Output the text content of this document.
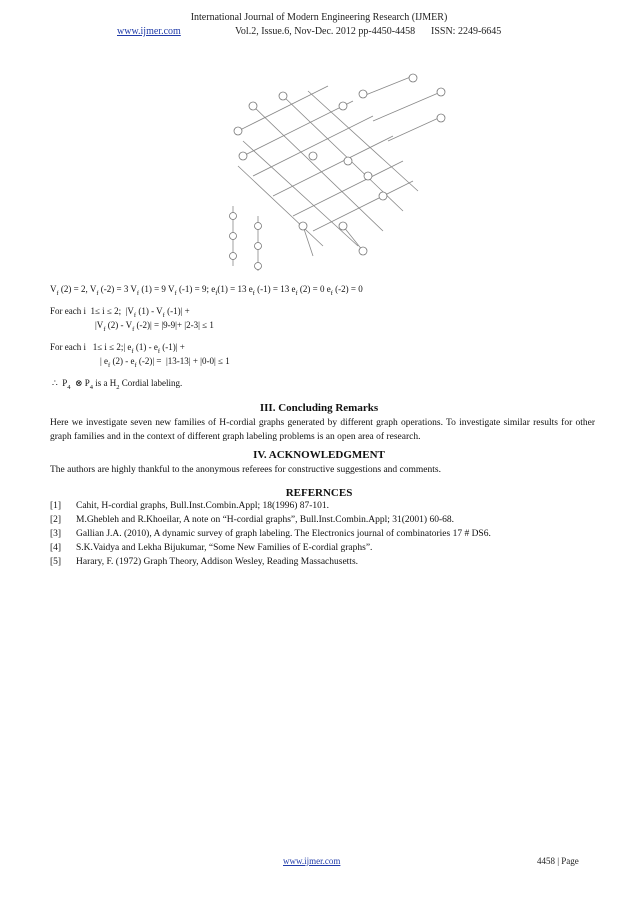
International Journal of Modern Engineering Research (IJMER)
www.ijmer.com	Vol.2, Issue.6, Nov-Dec. 2012 pp-4450-4458 ISSN: 2249-6645
$V_f$ (2) = 2, $V_f$ (-2) = 3 $V_f$ (1) = 9 $V_f$ (-1) = 9; $e_f(1) = 13$ $e_f$ (-1) = 13 $e_f$ (2) = 0 $e_f$ (-2) = 0
For each i  1≤ i ≤ 2;  $|V_f$ $(1) - V_f$ (-1)| +
$|V_f$ $(2) - V_f$ (-2)| = |9-9|+ |2-3| ≤ 1
For each i   1≤ i ≤ 2;| $e_f$ $(1) - e_f$ (-1)| +
| $e_f$ $(2) - e_f$ (-2)| =  |13-13| + |0-0| ≤ 1
∴  $P_4$  ⊗ $P_4$ is a $H_2$ Cordial labeling.
III. Concluding Remarks
Here we investigate seven new families of H-cordial graphs generated by different graph operations. To investigate similar results for other graph families and in the context of different graph labeling problems is an open area of research.
IV. ACKNOWLEDGMENT
The authors are highly thankful to the anonymous referees for constructive suggestions and comments.
REFERNCES
[1] Cahit, H-cordial graphs, Bull.Inst.Combin.Appl; 18(1996) 87-101.
[2] M.Ghebleh and R.Khoeilar, A note on “H-cordial graphs”, Bull.Inst.Combin.Appl; 31(2001) 60-68.
[3] Gallian J.A. (2010), A dynamic survey of graph labeling. The Electronics journal of combinatories 17 # DS6.
[4] S.K.Vaidya and Lekha Bijukumar, “Some New Families of E-cordial graphs”.
[5] Harary, F. (1972) Graph Theory, Addison Wesley, Reading Massachusetts.
www.ijmer.com	4458 | Page
